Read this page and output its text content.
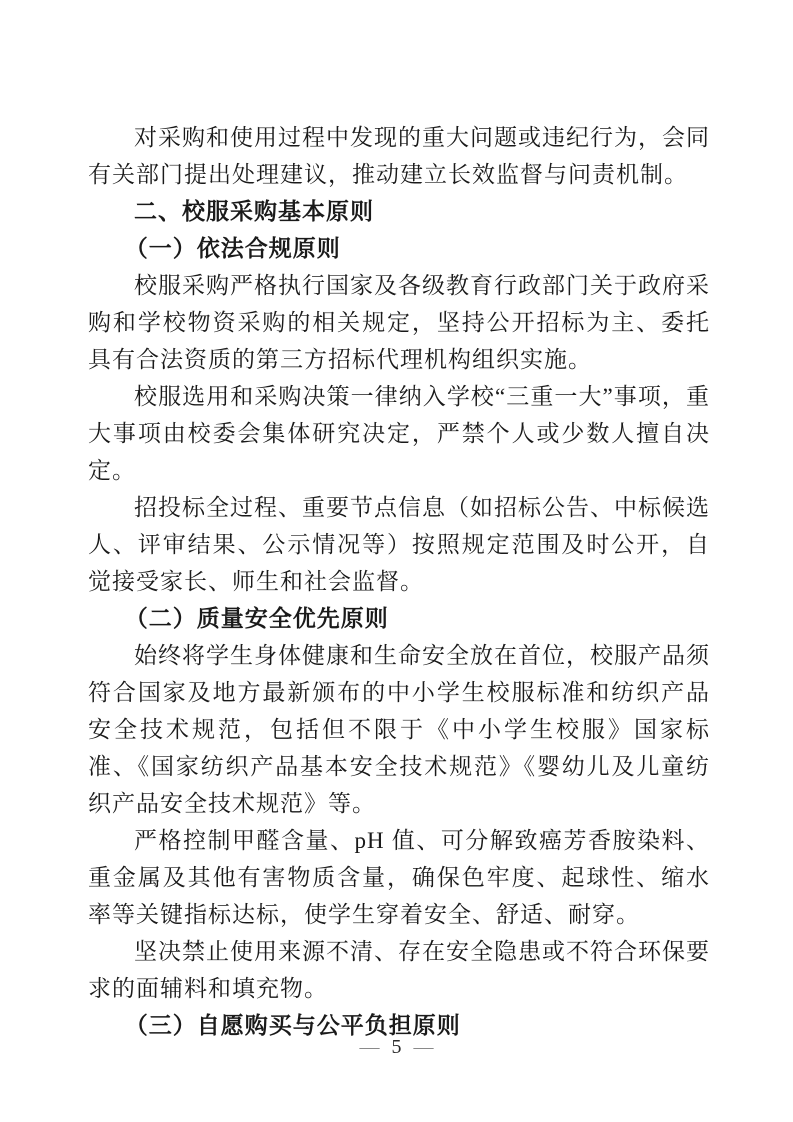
对采购和使用过程中发现的重大问题或违纪行为，会同有关部门提出处理建议，推动建立长效监督与问责机制。

二、校服采购基本原则
（一）依法合规原则

校服采购严格执行国家及各级教育行政部门关于政府采购和学校物资采购的相关规定，坚持公开招标为主、委托具有合法资质的第三方招标代理机构组织实施。

校服选用和采购决策一律纳入学校“三重一大”事项，重大事项由校委会集体研究决定，严禁个人或少数人擅自决定。

招投标全过程、重要节点信息（如招标公告、中标候选人、评审结果、公示情况等）按照规定范围及时公开，自觉接受家长、师生和社会监督。

（二）质量安全优先原则

始终将学生身体健康和生命安全放在首位，校服产品须符合国家及地方最新颁布的中小学生校服标准和纺织产品安全技术规范，包括但不限于《中小学生校服》国家标准、《国家纺织产品基本安全技术规范》《婴幼儿及儿童纺织产品安全技术规范》等。

严格控制甲醛含量、pH 值、可分解致癌芳香胺染料、重金属及其他有害物质含量，确保色牢度、起球性、缩水率等关键指标达标，使学生穿着安全、舒适、耐穿。

坚决禁止使用来源不清、存在安全隐患或不符合环保要求的面辅料和填充物。

（三）自愿购买与公平负担原则
— 5 —
